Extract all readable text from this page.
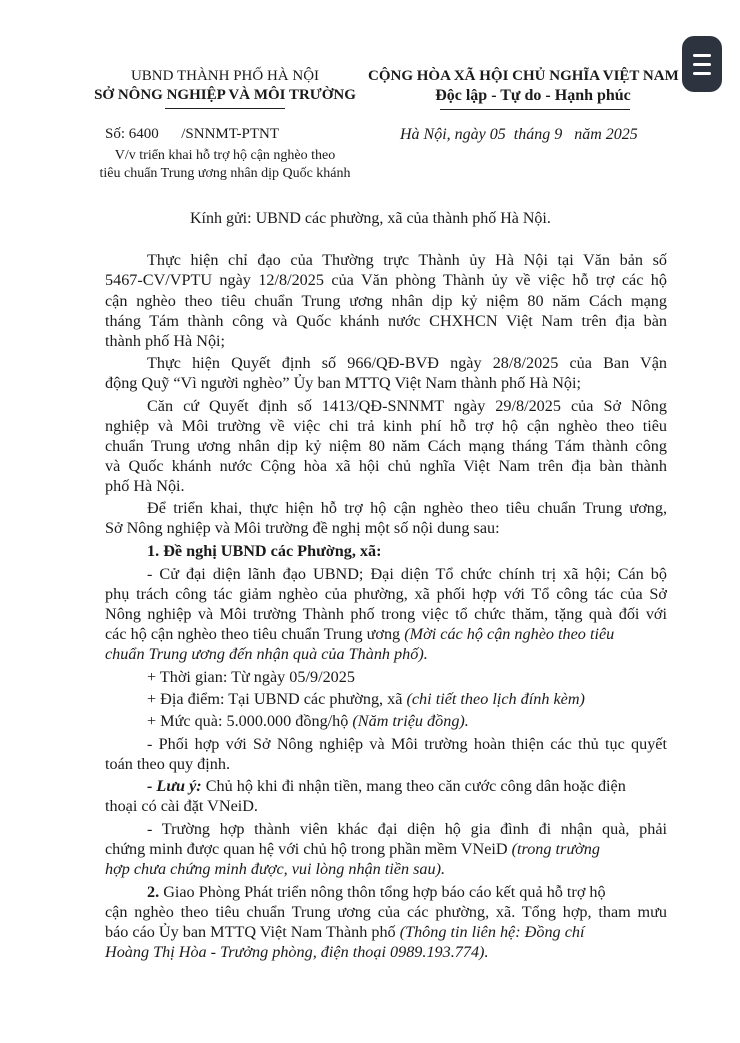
UBND THÀNH PHỐ HÀ NỘI
SỞ NÔNG NGHIỆP VÀ MÔI TRƯỜNG
CỘNG HÒA XÃ HỘI CHỦ NGHĨA VIỆT NAM
Độc lập - Tự do - Hạnh phúc
Số: 6400      /SNNMT-PTNT
V/v triển khai hỗ trợ hộ cận nghèo theo
tiêu chuẩn Trung ương nhân dịp Quốc khánh
Hà Nội, ngày 05  tháng 9   năm 2025
Kính gửi: UBND các phường, xã của thành phố Hà Nội.
Thực hiện chỉ đạo của Thường trực Thành ủy Hà Nội tại Văn bản số
5467-CV/VPTU ngày 12/8/2025 của Văn phòng Thành ủy về việc hỗ trợ các hộ
cận nghèo theo tiêu chuẩn Trung ương nhân dịp kỷ niệm 80 năm Cách mạng
tháng Tám thành công và Quốc khánh nước CHXHCN Việt Nam trên địa bàn
thành phố Hà Nội;
Thực hiện Quyết định số 966/QĐ-BVĐ ngày 28/8/2025 của Ban Vận
động Quỹ “Vì người nghèo” Ủy ban MTTQ Việt Nam thành phố Hà Nội;
Căn cứ Quyết định số 1413/QĐ-SNNMT ngày 29/8/2025 của Sở Nông
nghiệp và Môi trường về việc chi trả kinh phí hỗ trợ hộ cận nghèo theo tiêu
chuẩn Trung ương nhân dịp kỷ niệm 80 năm Cách mạng tháng Tám thành công
và Quốc khánh nước Cộng hòa xã hội chủ nghĩa Việt Nam trên địa bàn thành
phố Hà Nội.
Để triển khai, thực hiện hỗ trợ hộ cận nghèo theo tiêu chuẩn Trung ương,
Sở Nông nghiệp và Môi trường đề nghị một số nội dung sau:
1. Đề nghị UBND các Phường, xã:
- Cử đại diện lãnh đạo UBND; Đại diện Tổ chức chính trị xã hội; Cán bộ
phụ trách công tác giảm nghèo của phường, xã phối hợp với Tổ công tác của Sở
Nông nghiệp và Môi trường Thành phố trong việc tổ chức thăm, tặng quà đối với
các hộ cận nghèo theo tiêu chuẩn Trung ương (Mời các hộ cận nghèo theo tiêu
chuẩn Trung ương đến nhận quà của Thành phố).
+ Thời gian: Từ ngày 05/9/2025
+ Địa điểm: Tại UBND các phường, xã (chi tiết theo lịch đính kèm)
+ Mức quà: 5.000.000 đồng/hộ (Năm triệu đồng).
- Phối hợp với Sở Nông nghiệp và Môi trường hoàn thiện các thủ tục quyết
toán theo quy định.
- Lưu ý: Chủ hộ khi đi nhận tiền, mang theo căn cước công dân hoặc điện
thoại có cài đặt VNeiD.
- Trường hợp thành viên khác đại diện hộ gia đình đi nhận quà, phải
chứng minh được quan hệ với chủ hộ trong phần mềm VNeiD (trong trường
hợp chưa chứng minh được, vui lòng nhận tiền sau).
2. Giao Phòng Phát triển nông thôn tổng hợp báo cáo kết quả hỗ trợ hộ
cận nghèo theo tiêu chuẩn Trung ương của các phường, xã. Tổng hợp, tham mưu
báo cáo Ủy ban MTTQ Việt Nam Thành phố (Thông tin liên hệ: Đồng chí
Hoàng Thị Hòa - Trưởng phòng, điện thoại 0989.193.774).
